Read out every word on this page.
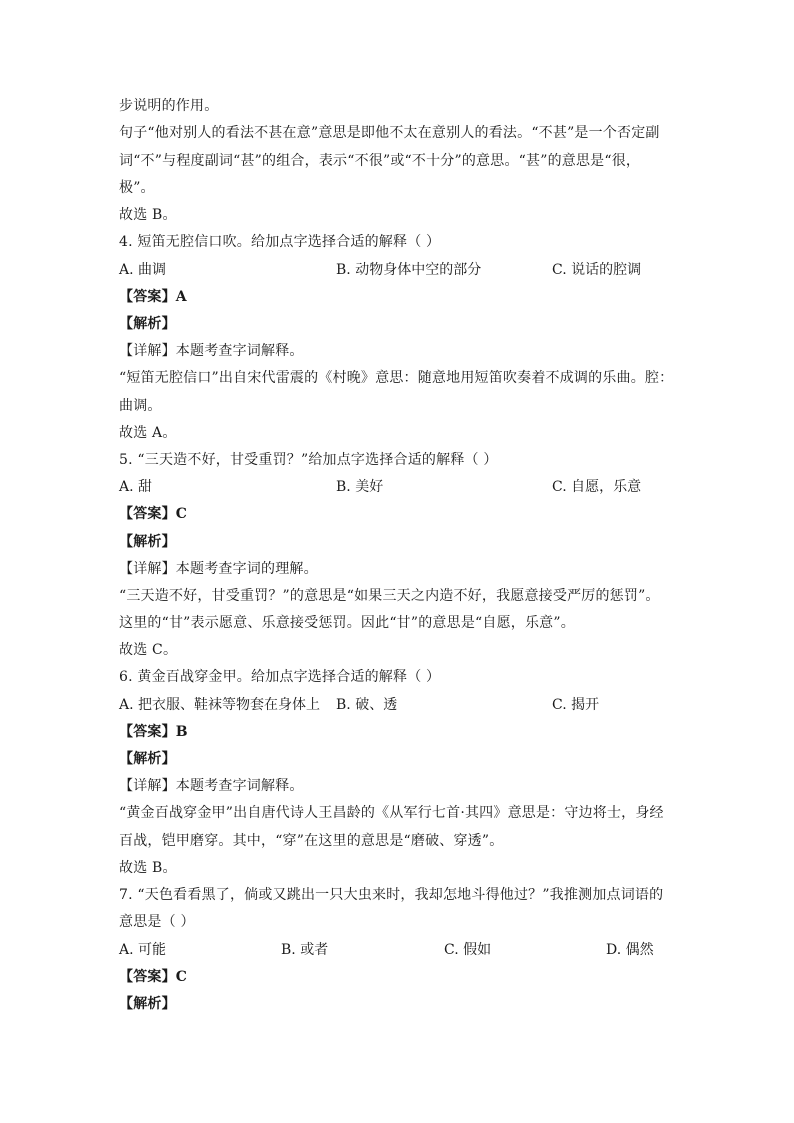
步说明的作用。
句子“他对别人的看法不甚在意”意思是即他不太在意别人的看法。“不甚”是一个否定副
词“不”与程度副词“甚”的组合，表示“不很”或“不十分”的意思。“甚”的意思是“很，
极”。
故选 B。
4. 短笛无腔信口吹。给加点字选择合适的解释（ ）
A. 曲调	B. 动物身体中空的部分	C. 说话的腔调
【答案】A
【解析】
【详解】本题考查字词解释。
“短笛无腔信口”出自宋代雷震的《村晚》意思：随意地用短笛吹奏着不成调的乐曲。腔：
曲调。
故选 A。
5. “三天造不好，甘受重罚？”给加点字选择合适的解释（ ）
A. 甜	B. 美好	C. 自愿，乐意
【答案】C
【解析】
【详解】本题考查字词的理解。
“三天造不好，甘受重罚？”的意思是“如果三天之内造不好，我愿意接受严厉的惩罚”。
这里的“甘”表示愿意、乐意接受惩罚。因此“甘”的意思是“自愿，乐意”。
故选 C。
6. 黄金百战穿金甲。给加点字选择合适的解释（ ）
A. 把衣服、鞋袜等物套在身体上 B. 破、透	C. 揭开
【答案】B
【解析】
【详解】本题考查字词解释。
“黄金百战穿金甲”出自唐代诗人王昌龄的《从军行七首·其四》意思是：守边将士，身经
百战，铠甲磨穿。其中，“穿”在这里的意思是“磨破、穿透”。
故选 B。
7. “天色看看黑了，倘或又跳出一只大虫来时，我却怎地斗得他过？”我推测加点词语的
意思是（ ）
A. 可能	B. 或者	C. 假如	D. 偶然
【答案】C
【解析】
